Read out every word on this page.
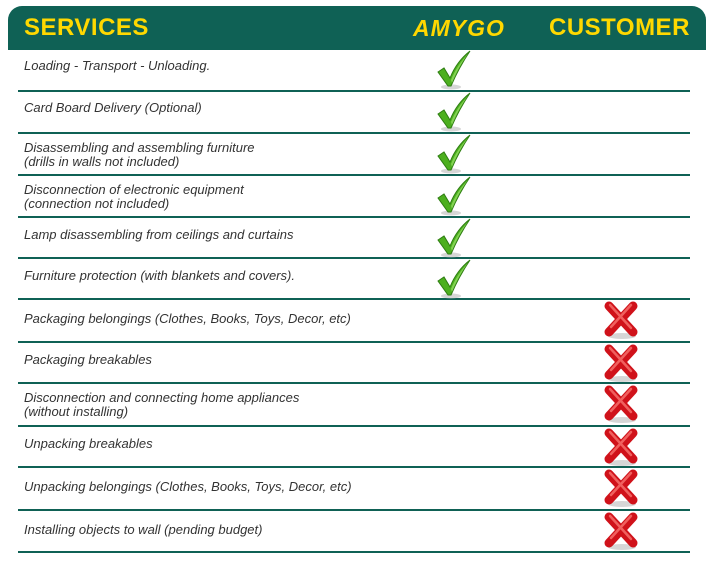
SERVICES	AMYGO CUSTOMER
Loading - Transport - Unloading.
Card Board Delivery (Optional)
Disassembling and assembling furniture
(drills in walls not included)
Disconnection of electronic equipment
(connection not included)
Lamp disassembling from ceilings and curtains
Furniture protection (with blankets and covers).
Packaging belongings (Clothes, Books, Toys, Decor, etc)
Packaging breakables
Disconnection and connecting home appliances
(without installing)
Unpacking breakables
Unpacking belongings (Clothes, Books, Toys, Decor, etc)
Installing objects to wall (pending budget)
